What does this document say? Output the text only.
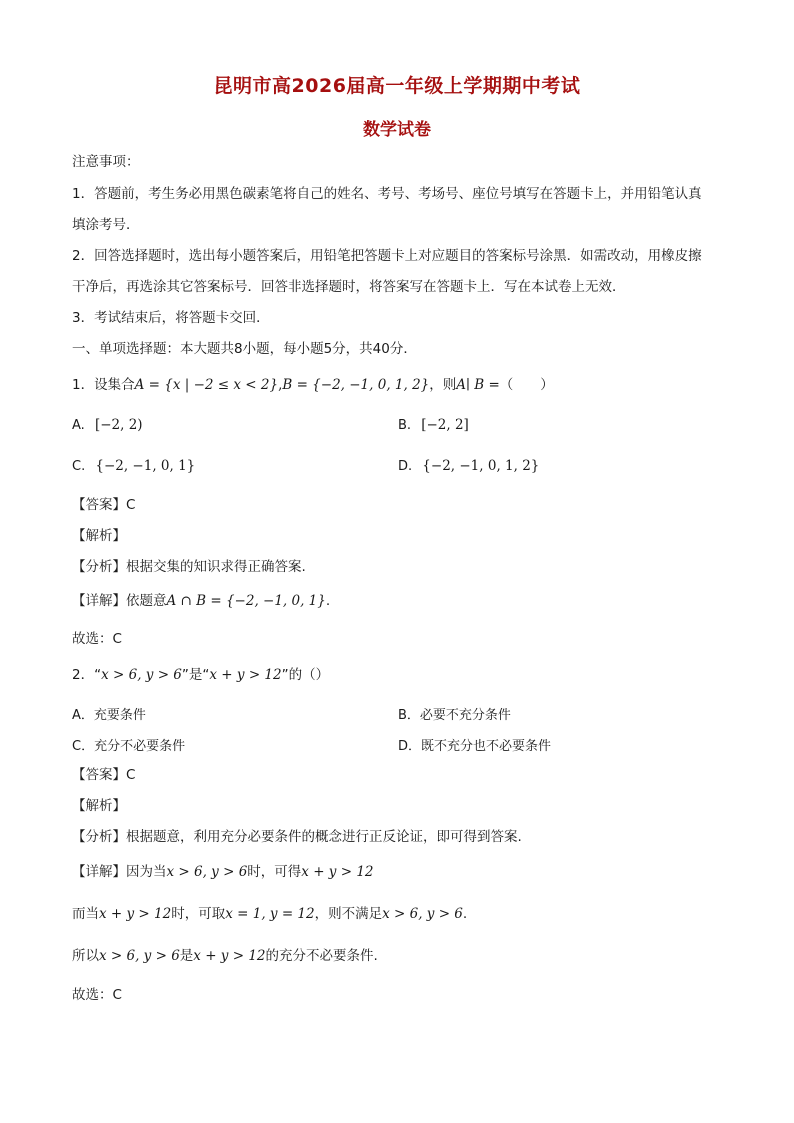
昆明市高2026届高一年级上学期期中考试
数学试卷
注意事项：
1．答题前，考生务必用黑色碳素笔将自己的姓名、考号、考场号、座位号填写在答题卡上，并用铅笔认真
填涂考号．
2．回答选择题时，选出每小题答案后，用铅笔把答题卡上对应题目的答案标号涂黑．如需改动，用橡皮擦
干净后，再选涂其它答案标号．回答非选择题时，将答案写在答题卡上．写在本试卷上无效．
3．考试结束后，将答题卡交回．
一、单项选择题：本大题共8小题，每小题5分，共40分．
1．设集合A = {x | −2 ≤ x < 2},B = {−2, −1, 0, 1, 2}，则A∣ B =（　　）
A. [−2, 2)	B. [−2, 2]
C. {−2, −1, 0, 1}	D. {−2, −1, 0, 1, 2}
【答案】C
【解析】
【分析】根据交集的知识求得正确答案.
【详解】依题意A ∩ B = {−2, −1, 0, 1}.
故选：C
2．“x > 6, y > 6”是“x + y > 12”的（）
A．充要条件	B．必要不充分条件
C．充分不必要条件	D．既不充分也不必要条件
【答案】C
【解析】
【分析】根据题意，利用充分必要条件的概念进行正反论证，即可得到答案.
【详解】因为当x > 6, y > 6时，可得x + y > 12
而当x + y > 12时，可取x = 1, y = 12，则不满足x > 6, y > 6.
所以x > 6, y > 6是x + y > 12的充分不必要条件.
故选：C
